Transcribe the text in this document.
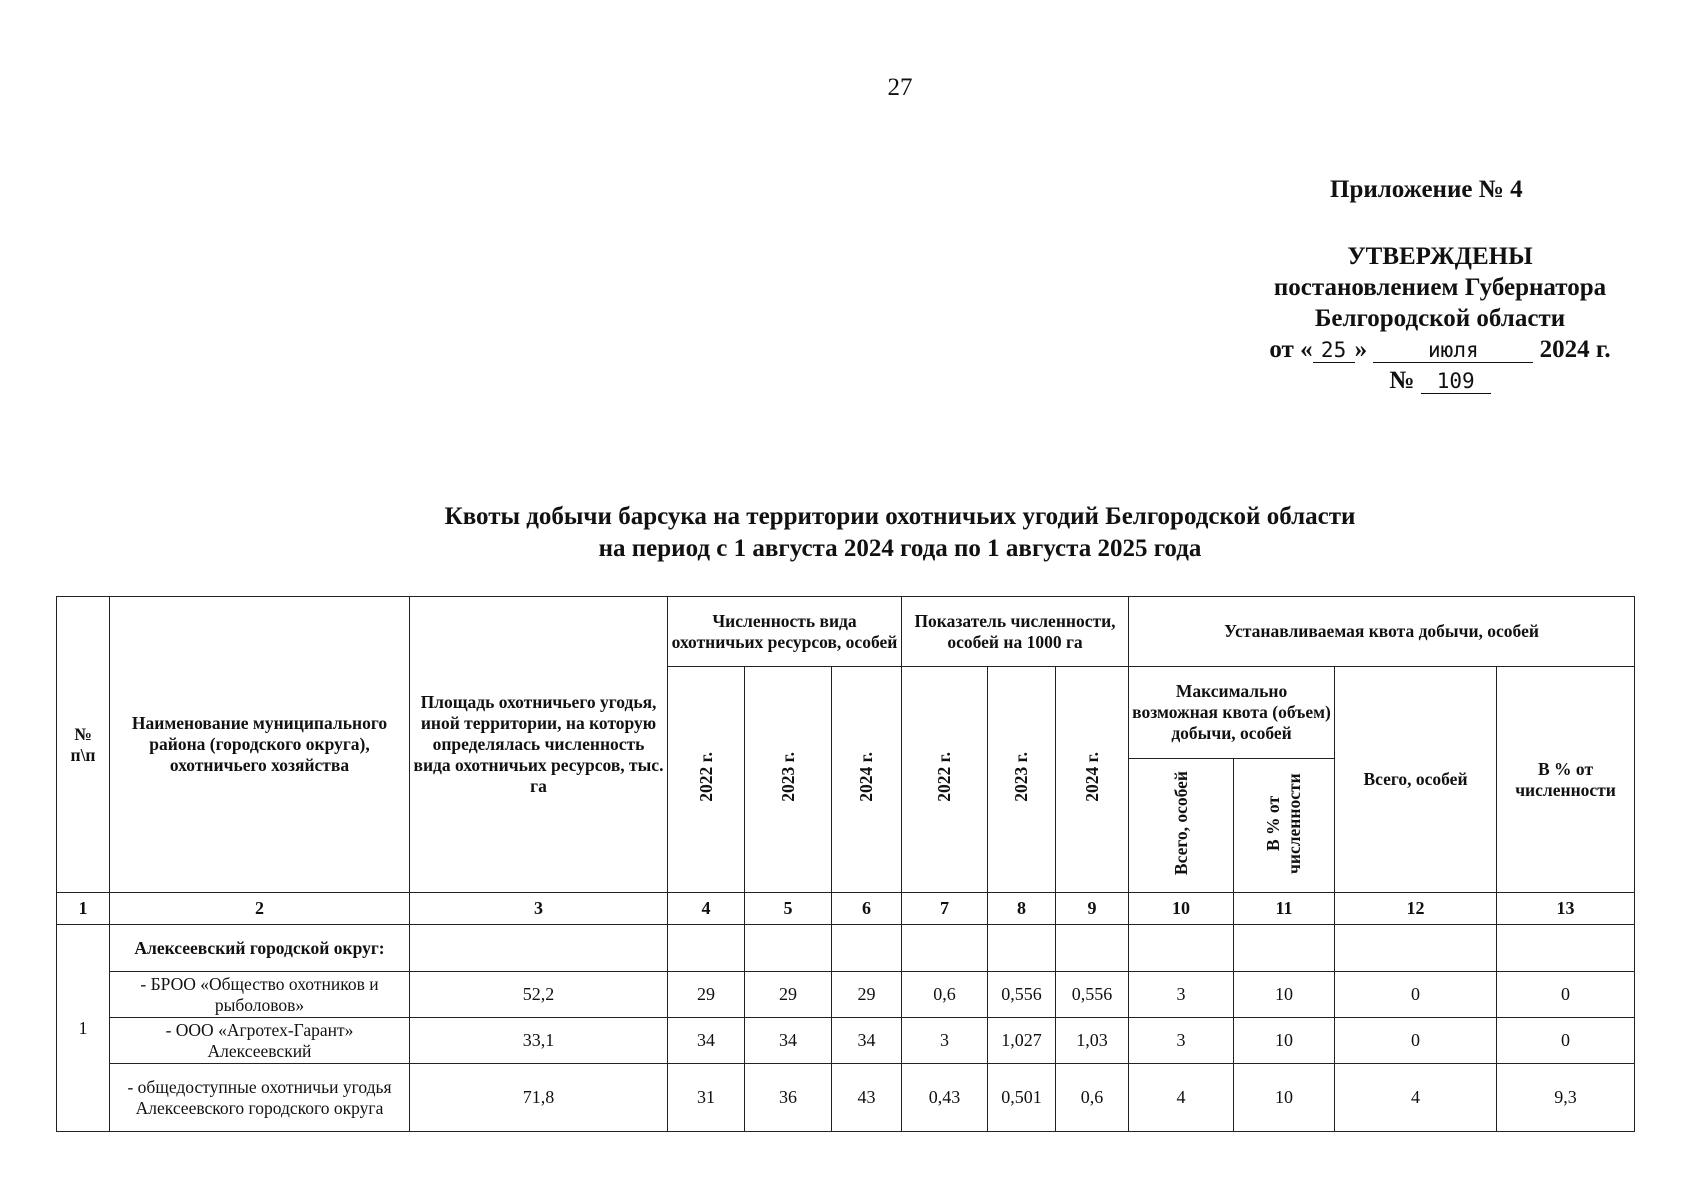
27
Приложение № 4
УТВЕРЖДЕНЫ
постановлением Губернатора
Белгородской области
от « 25 »	июля 2024 г.
№ 109
Квоты добычи барсука на территории охотничьих угодий Белгородской области
на период с 1 августа 2024 года по 1 августа 2025 года
№ п\п	Наименование муниципального района (городского округа), охотничьего хозяйства	Площадь охотничьего угодья, иной территории, на которую определялась численность вида охотничьих ресурсов, тыс. га	Численность вида охотничьих ресурсов, особей			Показатель численности, особей на 1000 га			Устанавливаемая квота добычи, особей			
			2022 г.	2023 г.	2024 г.	2022 г.	2023 г.	2024 г.	Максимально возможная квота (объем) добычи, особей		Всего, особей	В % от численности
									Всего, особей	В % от численности		
1	2	3	4	5	6	7	8	9	10	11	12	13
1	Алексеевский городской округ:											
	- БРОО «Общество охотников и рыболовов»	52,2	29	29	29	0,6	0,556	0,556	3	10	0	0
	- ООО «Агротех-Гарант» Алексеевский	33,1	34	34	34	3	1,027	1,03	3	10	0	0
	- общедоступные охотничьи угодья Алексеевского городского округа	71,8	31	36	43	0,43	0,501	0,6	4	10	4	9,3
